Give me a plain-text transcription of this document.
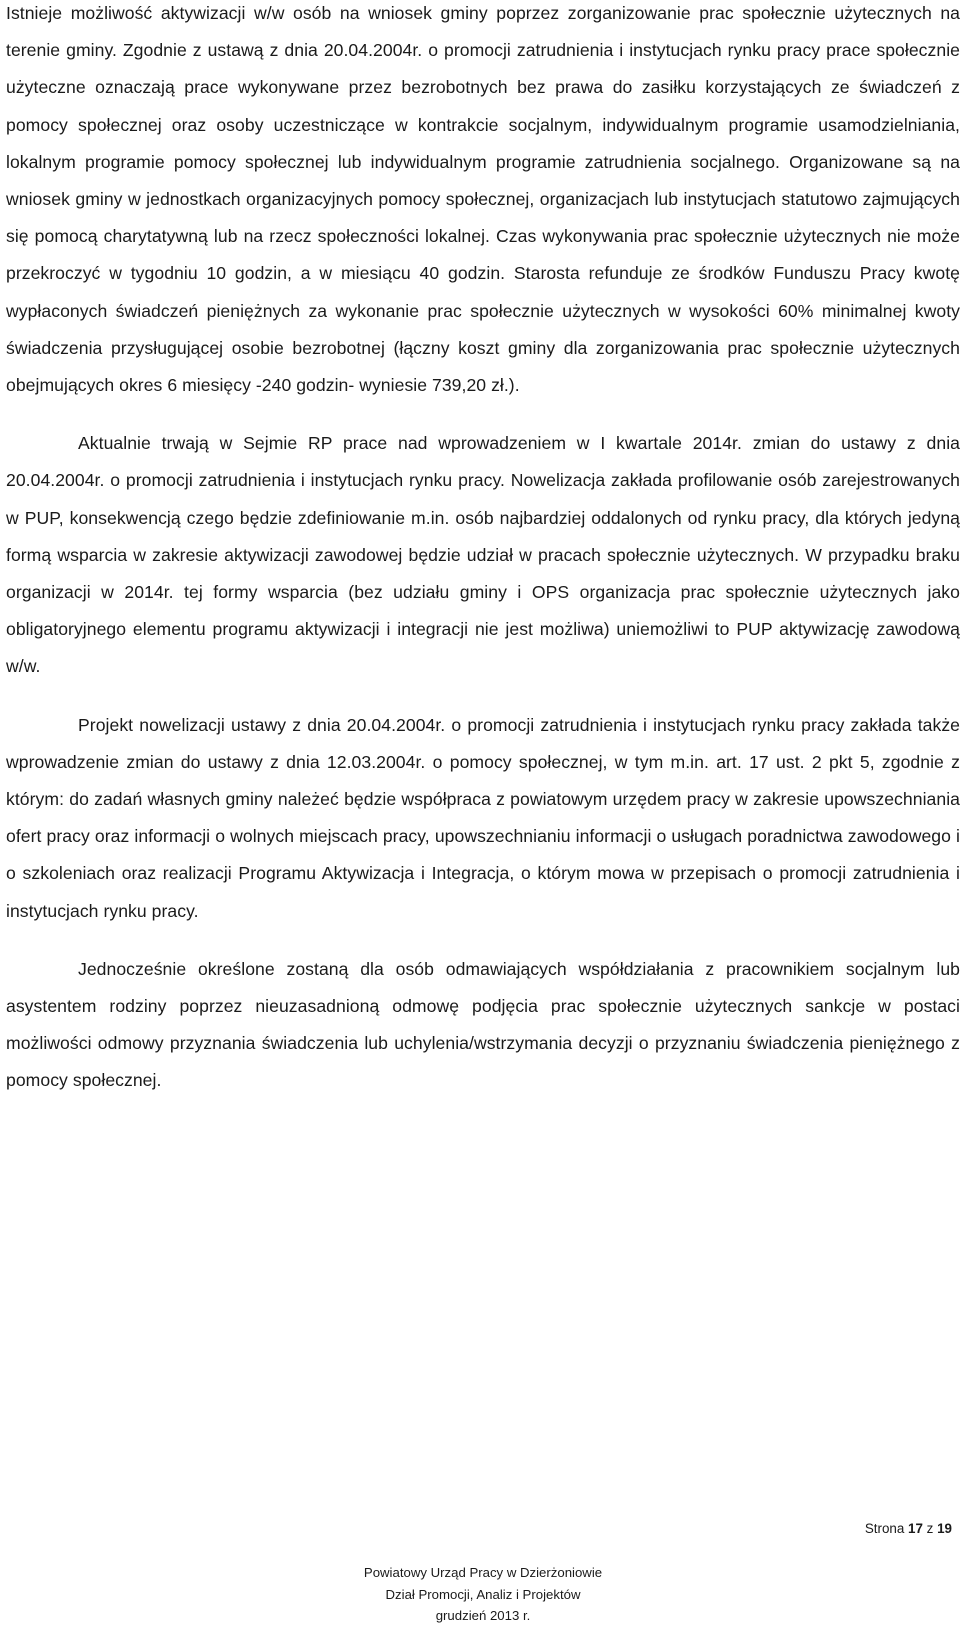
Istnieje możliwość aktywizacji w/w osób na wniosek gminy poprzez zorganizowanie prac społecznie użytecznych na terenie gminy. Zgodnie z ustawą z dnia 20.04.2004r. o promocji zatrudnienia i instytucjach rynku pracy prace społecznie użyteczne oznaczają prace wykonywane przez bezrobotnych bez prawa do zasiłku korzystających ze świadczeń z pomocy społecznej oraz osoby uczestniczące w kontrakcie socjalnym, indywidualnym programie usamodzielniania, lokalnym programie pomocy społecznej lub indywidualnym programie zatrudnienia socjalnego. Organizowane są na wniosek gminy w jednostkach organizacyjnych pomocy społecznej, organizacjach lub instytucjach statutowo zajmujących się pomocą charytatywną lub na rzecz społeczności lokalnej. Czas wykonywania prac społecznie użytecznych nie może przekroczyć w tygodniu 10 godzin, a w miesiącu 40 godzin. Starosta refunduje ze środków Funduszu Pracy kwotę wypłaconych świadczeń pieniężnych za wykonanie prac społecznie użytecznych w wysokości 60% minimalnej kwoty świadczenia przysługującej osobie bezrobotnej (łączny koszt gminy dla zorganizowania prac społecznie użytecznych obejmujących okres 6 miesięcy -240 godzin- wyniesie 739,20 zł.).

Aktualnie trwają w Sejmie RP prace nad wprowadzeniem w I kwartale 2014r. zmian do ustawy z dnia 20.04.2004r. o promocji zatrudnienia i instytucjach rynku pracy. Nowelizacja zakłada profilowanie osób zarejestrowanych w PUP, konsekwencją czego będzie zdefiniowanie m.in. osób najbardziej oddalonych od rynku pracy, dla których jedyną formą wsparcia w zakresie aktywizacji zawodowej będzie udział w pracach społecznie użytecznych. W przypadku braku organizacji w 2014r. tej formy wsparcia (bez udziału gminy i OPS organizacja prac społecznie użytecznych jako obligatoryjnego elementu programu aktywizacji i integracji nie jest możliwa) uniemożliwi to PUP aktywizację zawodową w/w.

Projekt nowelizacji ustawy z dnia 20.04.2004r. o promocji zatrudnienia i instytucjach rynku pracy zakłada także wprowadzenie zmian do ustawy z dnia 12.03.2004r. o pomocy społecznej, w tym m.in. art. 17 ust. 2 pkt 5, zgodnie z którym: do zadań własnych gminy należeć będzie współpraca z powiatowym urzędem pracy w zakresie upowszechniania ofert pracy oraz informacji o wolnych miejscach pracy, upowszechnianiu informacji o usługach poradnictwa zawodowego i o szkoleniach oraz realizacji Programu Aktywizacja i Integracja, o którym mowa w przepisach o promocji zatrudnienia i instytucjach rynku pracy.

Jednocześnie określone zostaną dla osób odmawiających współdziałania z pracownikiem socjalnym lub asystentem rodziny poprzez nieuzasadnioną odmowę podjęcia prac społecznie użytecznych sankcje w postaci możliwości odmowy przyznania świadczenia lub uchylenia/wstrzymania decyzji o przyznaniu świadczenia pieniężnego z pomocy społecznej.

Strona 17 z 19
Powiatowy Urząd Pracy w Dzierżoniowie
Dział Promocji, Analiz i Projektów
grudzień 2013 r.
